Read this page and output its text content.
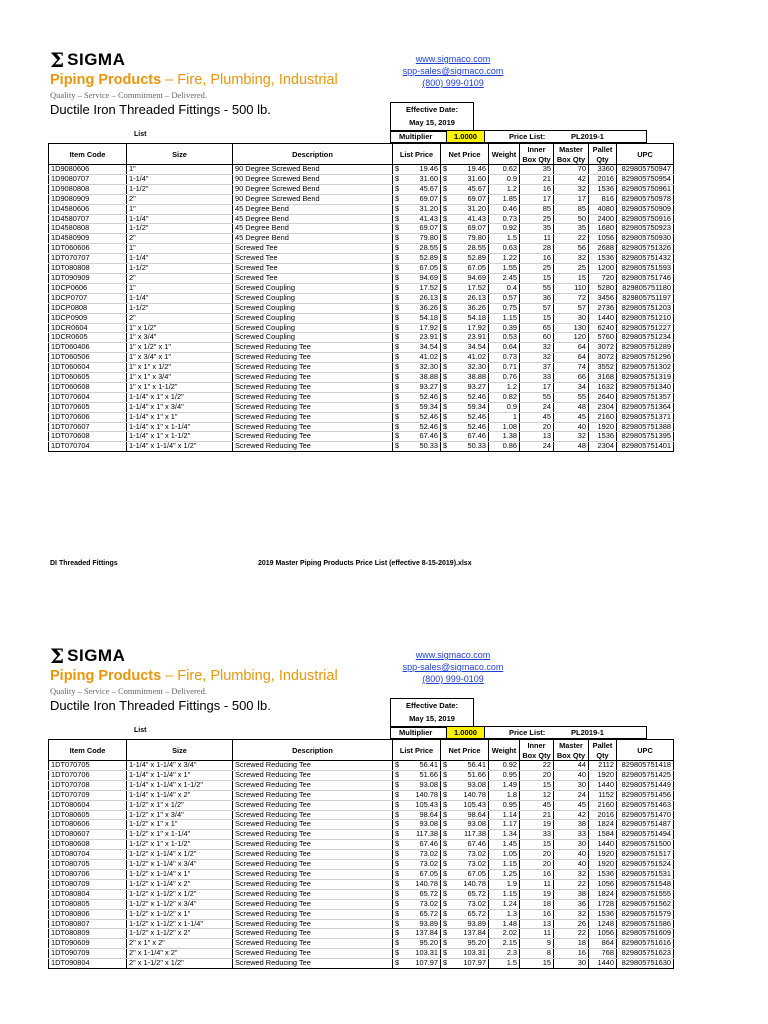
Σ SIGMA
Piping Products – Fire, Plumbing, Industrial
Quality – Service – Commitment – Delivered.
www.sigmaco.com
spp-sales@sigmaco.com
(800) 999-0109
Ductile Iron Threaded Fittings - 500 lb.
List
Effective Date:
May 15, 2019
Multiplier	1.0000	Price List:	PL2019-1
Item Code	Size	Description	List Price	Net Price	Weight	Inner	Master	Pallet	UPC
						Box Qty	Box Qty	Qty	
1D9080606	1"	90 Degree Screwed Bend	$ 19.46	$ 19.46	0.62	35	70	3360	829805750947
1D9080707	1-1/4"	90 Degree Screwed Bend	$ 31.60	$ 31.60	0.9	21	42	2016	829805750954
1D9080808	1-1/2"	90 Degree Screwed Bend	$ 45.67	$ 45.67	1.2	16	32	1536	829805750961
1D9080909	2"	90 Degree Screwed Bend	$ 69.07	$ 69.07	1.85	17	17	816	829805750978
1D4580606	1"	45 Degree Bend	$ 31.20	$ 31.20	0.46	85	85	4080	829805750909
1D4580707	1-1/4"	45 Degree Bend	$ 41.43	$ 41.43	0.73	25	50	2400	829805750916
1D4580808	1-1/2"	45 Degree Bend	$ 69.07	$ 69.07	0.92	35	35	1680	829805750923
1D4580909	2"	45 Degree Bend	$ 79.80	$ 79.80	1.5	11	22	1056	829805750930
1DT060606	1"	Screwed Tee	$ 28.55	$ 28.55	0.63	28	56	2688	829805751326
1DT070707	1-1/4"	Screwed Tee	$ 52.89	$ 52.89	1.22	16	32	1536	829805751432
1DT080808	1-1/2"	Screwed Tee	$ 67.05	$ 67.05	1.55	25	25	1200	829805751593
1DT090909	2"	Screwed Tee	$ 94.69	$ 94.69	2.45	15	15	720	829805751746
1DCP0606	1"	Screwed Coupling	$ 17.52	$ 17.52	0.4	55	110	5280	829805751180
1DCP0707	1-1/4"	Screwed Coupling	$ 26.13	$ 26.13	0.57	36	72	3456	829805751197
1DCP0808	1-1/2"	Screwed Coupling	$ 36.26	$ 36.26	0.75	57	57	2736	829805751203
1DCP0909	2"	Screwed Coupling	$ 54.18	$ 54.18	1.15	15	30	1440	829805751210
1DCR0604	1" x 1/2"	Screwed Coupling	$ 17.92	$ 17.92	0.39	65	130	6240	829805751227
1DCR0605	1" x 3/4"	Screwed Coupling	$ 23.91	$ 23.91	0.53	60	120	5760	829805751234
1DT060406	1" x 1/2" x 1"	Screwed Reducing Tee	$ 34.54	$ 34.54	0.64	32	64	3072	829805751289
1DT060506	1" x 3/4" x 1"	Screwed Reducing Tee	$ 41.02	$ 41.02	0.73	32	64	3072	829805751296
1DT060604	1" x 1" x 1/2"	Screwed Reducing Tee	$ 32.30	$ 32.30	0.71	37	74	3552	829805751302
1DT060605	1" x 1" x 3/4"	Screwed Reducing Tee	$ 38.88	$ 38.88	0.76	33	66	3168	829805751319
1DT060608	1" x 1" x 1-1/2"	Screwed Reducing Tee	$ 93.27	$ 93.27	1.2	17	34	1632	829805751340
1DT070604	1-1/4" x 1" x 1/2"	Screwed Reducing Tee	$ 52.46	$ 52.46	0.82	55	55	2640	829805751357
1DT070605	1-1/4" x 1" x 3/4"	Screwed Reducing Tee	$ 59.34	$ 59.34	0.9	24	48	2304	829805751364
1DT070606	1-1/4" x 1" x 1"	Screwed Reducing Tee	$ 52.46	$ 52.46	1	45	45	2160	829805751371
1DT070607	1-1/4" x 1" x 1-1/4"	Screwed Reducing Tee	$ 52.46	$ 52.46	1.08	20	40	1920	829805751388
1DT070608	1-1/4" x 1" x 1-1/2"	Screwed Reducing Tee	$ 67.46	$ 67.46	1.38	13	32	1536	829805751395
1DT070704	1-1/4" x 1-1/4" x 1/2"	Screwed Reducing Tee	$ 50.33	$ 50.33	0.86	24	48	2304	829805751401
DI Threaded Fittings	2019 Master Piping Products Price List (effective 8-15-2019).xlsx
Σ SIGMA
Piping Products – Fire, Plumbing, Industrial
Quality – Service – Commitment – Delivered.
www.sigmaco.com
spp-sales@sigmaco.com
(800) 999-0109
Ductile Iron Threaded Fittings - 500 lb.
List
Effective Date:
May 15, 2019
Multiplier	1.0000	Price List:	PL2019-1
Item Code	Size	Description	List Price	Net Price	Weight	Inner	Master	Pallet	UPC
						Box Qty	Box Qty	Qty	
1DT070705	1-1/4" x 1-1/4" x 3/4"	Screwed Reducing Tee	$ 56.41	$ 56.41	0.92	22	44	2112	829805751418
1DT070706	1-1/4" x 1-1/4" x 1"	Screwed Reducing Tee	$ 51.66	$ 51.66	0.95	20	40	1920	829805751425
1DT070708	1-1/4" x 1-1/4" x 1-1/2"	Screwed Reducing Tee	$ 93.08	$ 93.08	1.49	15	30	1440	829805751449
1DT070709	1-1/4" x 1-1/4" x 2"	Screwed Reducing Tee	$ 140.78	$ 140.78	1.8	12	24	1152	829805751456
1DT080604	1-1/2" x 1" x 1/2"	Screwed Reducing Tee	$ 105.43	$ 105.43	0.95	45	45	2160	829805751463
1DT080605	1-1/2" x 1" x 3/4"	Screwed Reducing Tee	$ 98.64	$ 98.64	1.14	21	42	2016	829805751470
1DT080606	1-1/2" x 1" x 1"	Screwed Reducing Tee	$ 93.08	$ 93.08	1.17	19	38	1824	829805751487
1DT080607	1-1/2" x 1" x 1-1/4"	Screwed Reducing Tee	$ 117.38	$ 117.38	1.34	33	33	1584	829805751494
1DT080608	1-1/2" x 1" x 1-1/2"	Screwed Reducing Tee	$ 67.46	$ 67.46	1.45	15	30	1440	829805751500
1DT080704	1-1/2" x 1-1/4" x 1/2"	Screwed Reducing Tee	$ 73.02	$ 73.02	1.05	20	40	1920	829805751517
1DT080705	1-1/2" x 1-1/4" x 3/4"	Screwed Reducing Tee	$ 73.02	$ 73.02	1.15	20	40	1920	829805751524
1DT080706	1-1/2" x 1-1/4" x 1"	Screwed Reducing Tee	$ 67.05	$ 67.05	1.25	16	32	1536	829805751531
1DT080709	1-1/2" x 1-1/4" x 2"	Screwed Reducing Tee	$ 140.78	$ 140.78	1.9	11	22	1056	829805751548
1DT080804	1-1/2" x 1-1/2" x 1/2"	Screwed Reducing Tee	$ 65.72	$ 65.72	1.15	19	38	1824	829805751555
1DT080805	1-1/2" x 1-1/2" x 3/4"	Screwed Reducing Tee	$ 73.02	$ 73.02	1.24	18	36	1728	829805751562
1DT080806	1-1/2" x 1-1/2" x 1"	Screwed Reducing Tee	$ 65.72	$ 65.72	1.3	16	32	1536	829805751579
1DT080807	1-1/2" x 1-1/2" x 1-1/4"	Screwed Reducing Tee	$ 93.89	$ 93.89	1.48	13	26	1248	829805751586
1DT080809	1-1/2" x 1-1/2" x 2"	Screwed Reducing Tee	$ 137.84	$ 137.84	2.02	11	22	1056	829805751609
1DT090609	2" x 1" x 2"	Screwed Reducing Tee	$ 95.20	$ 95.20	2.15	9	18	864	829805751616
1DT090709	2" x 1-1/4" x 2"	Screwed Reducing Tee	$ 103.31	$ 103.31	2.3	8	16	768	829805751623
1DT090804	2" x 1-1/2" x 1/2"	Screwed Reducing Tee	$ 107.97	$ 107.97	1.5	15	30	1440	829805751630
